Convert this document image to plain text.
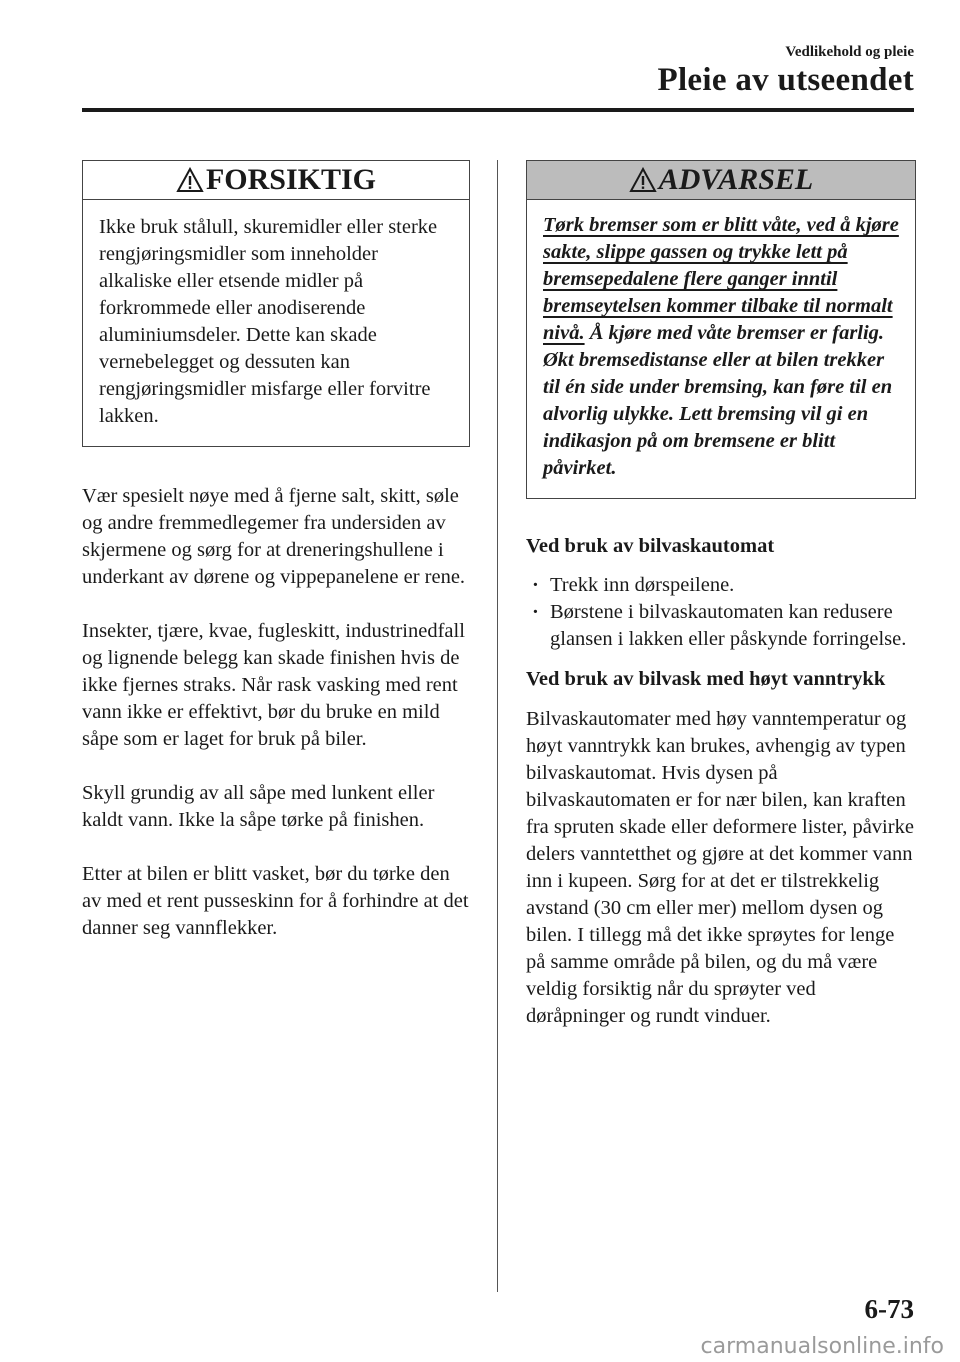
Vedlikehold og pleie
Pleie av utseendet
FORSIKTIG
Ikke bruk stålull, skuremidler eller sterke rengjøringsmidler som inneholder alkaliske eller etsende midler på forkrommede eller anodiserende aluminiumsdeler. Dette kan skade vernebelegget og dessuten kan rengjøringsmidler misfarge eller forvitre lakken.

Vær spesielt nøye med å fjerne salt, skitt, søle og andre fremmedlegemer fra undersiden av skjermene og sørg for at dreneringshullene i underkant av dørene og vippepanelene er rene.

Insekter, tjære, kvae, fugleskitt, industrinedfall og lignende belegg kan skade finishen hvis de ikke fjernes straks. Når rask vasking med rent vann ikke er effektivt, bør du bruke en mild såpe som er laget for bruk på biler.

Skyll grundig av all såpe med lunkent eller kaldt vann. Ikke la såpe tørke på finishen.

Etter at bilen er blitt vasket, bør du tørke den av med et rent pusseskinn for å forhindre at det danner seg vannflekker.

ADVARSEL
Tørk bremser som er blitt våte, ved å kjøre sakte, slippe gassen og trykke lett på bremsepedalene flere ganger inntil bremseytelsen kommer tilbake til normalt nivå. Å kjøre med våte bremser er farlig. Økt bremsedistanse eller at bilen trekker til én side under bremsing, kan føre til en alvorlig ulykke. Lett bremsing vil gi en indikasjon på om bremsene er blitt påvirket.

Ved bruk av bilvaskautomat

· Trekk inn dørspeilene.
· Børstene i bilvaskautomaten kan redusere glansen i lakken eller påskynde forringelse.

Ved bruk av bilvask med høyt vanntrykk

Bilvaskautomater med høy vanntemperatur og høyt vanntrykk kan brukes, avhengig av typen bilvaskautomat. Hvis dysen på bilvaskautomaten er for nær bilen, kan kraften fra spruten skade eller deformere lister, påvirke delers vanntetthet og gjøre at det kommer vann inn i kupeen. Sørg for at det er tilstrekkelig avstand (30 cm eller mer) mellom dysen og bilen. I tillegg må det ikke sprøytes for lenge på samme område på bilen, og du må være veldig forsiktig når du sprøyter ved døråpninger og rundt vinduer.

6-73
carmanualsonline.info
